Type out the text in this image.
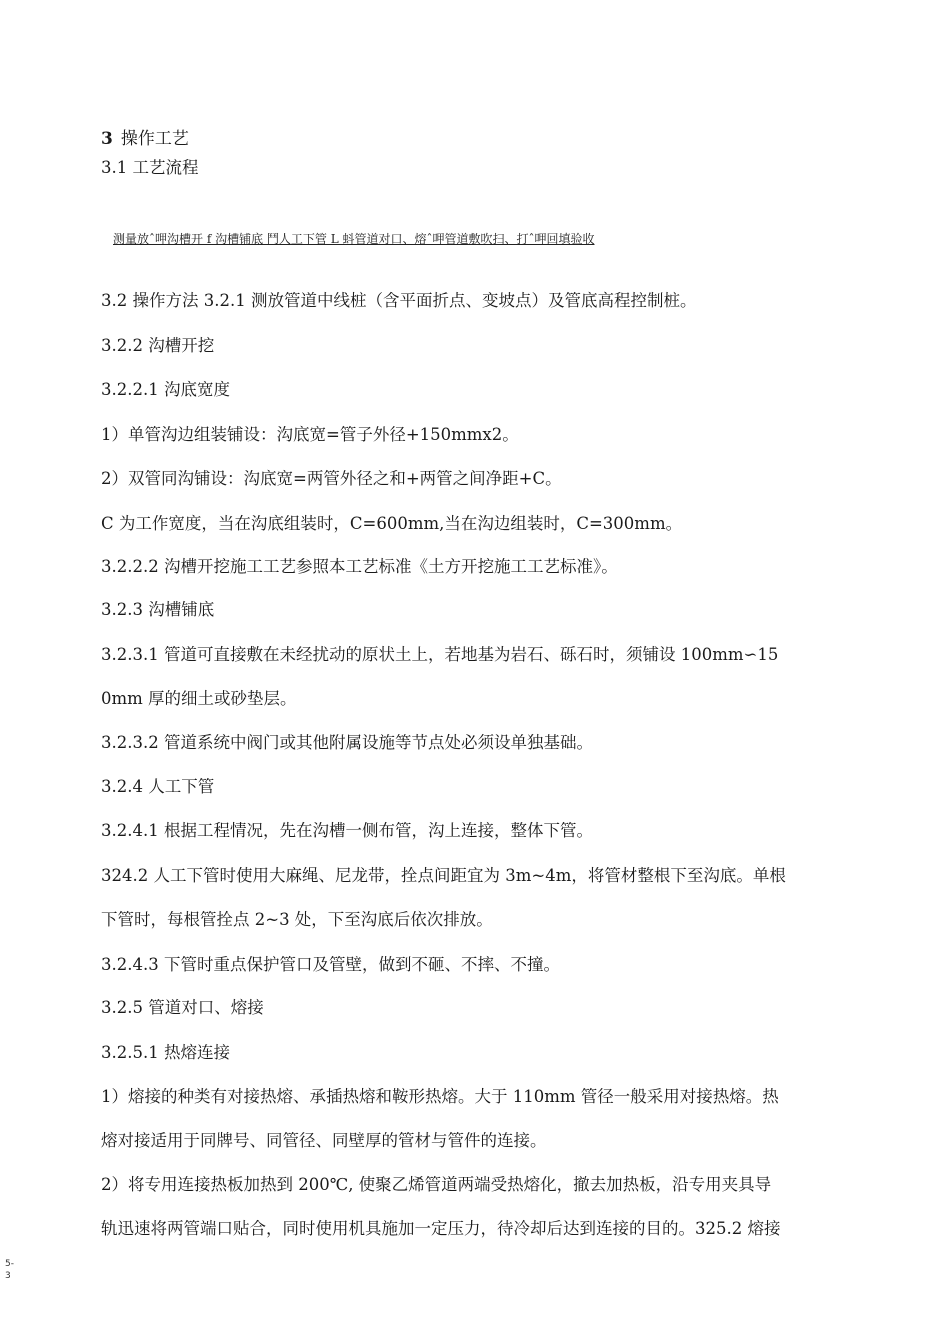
3 操作工艺
3.1 工艺流程
测量放ˆ呷沟槽开 f 沟槽铺底 鬥人工下管 L 蚪管道对口、熔ˆ呷管道敷吹扫、打ˆ呷回填验收
3.2 操作方法 3.2.1 测放管道中线桩（含平面折点、变坡点）及管底高程控制桩。
3.2.2 沟槽开挖
3.2.2.1 沟底宽度
1）单管沟边组装铺设：沟底宽=管子外径+150mmx2。
2）双管同沟铺设：沟底宽=两管外径之和+两管之间净距+C。
C 为工作宽度，当在沟底组装时，C=600mm,当在沟边组装时，C=300mm。
3.2.2.2 沟槽开挖施工工艺参照本工艺标准《土方开挖施工工艺标准》。
3.2.3 沟槽铺底
3.2.3.1 管道可直接敷在未经扰动的原状土上，若地基为岩石、砾石时，须铺设 100mm∽15
0mm 厚的细土或砂垫层。
3.2.3.2 管道系统中阀门或其他附属设施等节点处必须设单独基础。
3.2.4 人工下管
3.2.4.1 根据工程情况，先在沟槽一侧布管，沟上连接，整体下管。
324.2 人工下管时使用大麻绳、尼龙带，拴点间距宜为 3m~4m，将管材整根下至沟底。单根
下管时，每根管拴点 2~3 处，下至沟底后依次排放。
3.2.4.3 下管时重点保护管口及管壁，做到不砸、不摔、不撞。
3.2.5 管道对口、熔接
3.2.5.1 热熔连接
1）熔接的种类有对接热熔、承插热熔和鞍形热熔。大于 110mm 管径一般采用对接热熔。热
熔对接适用于同牌号、同管径、同壁厚的管材与管件的连接。
2）将专用连接热板加热到 200℃, 使聚乙烯管道两端受热熔化，撤去加热板，沿专用夹具导
轨迅速将两管端口贴合，同时使用机具施加一定压力，待冷却后达到连接的目的。325.2 熔接
5-3
